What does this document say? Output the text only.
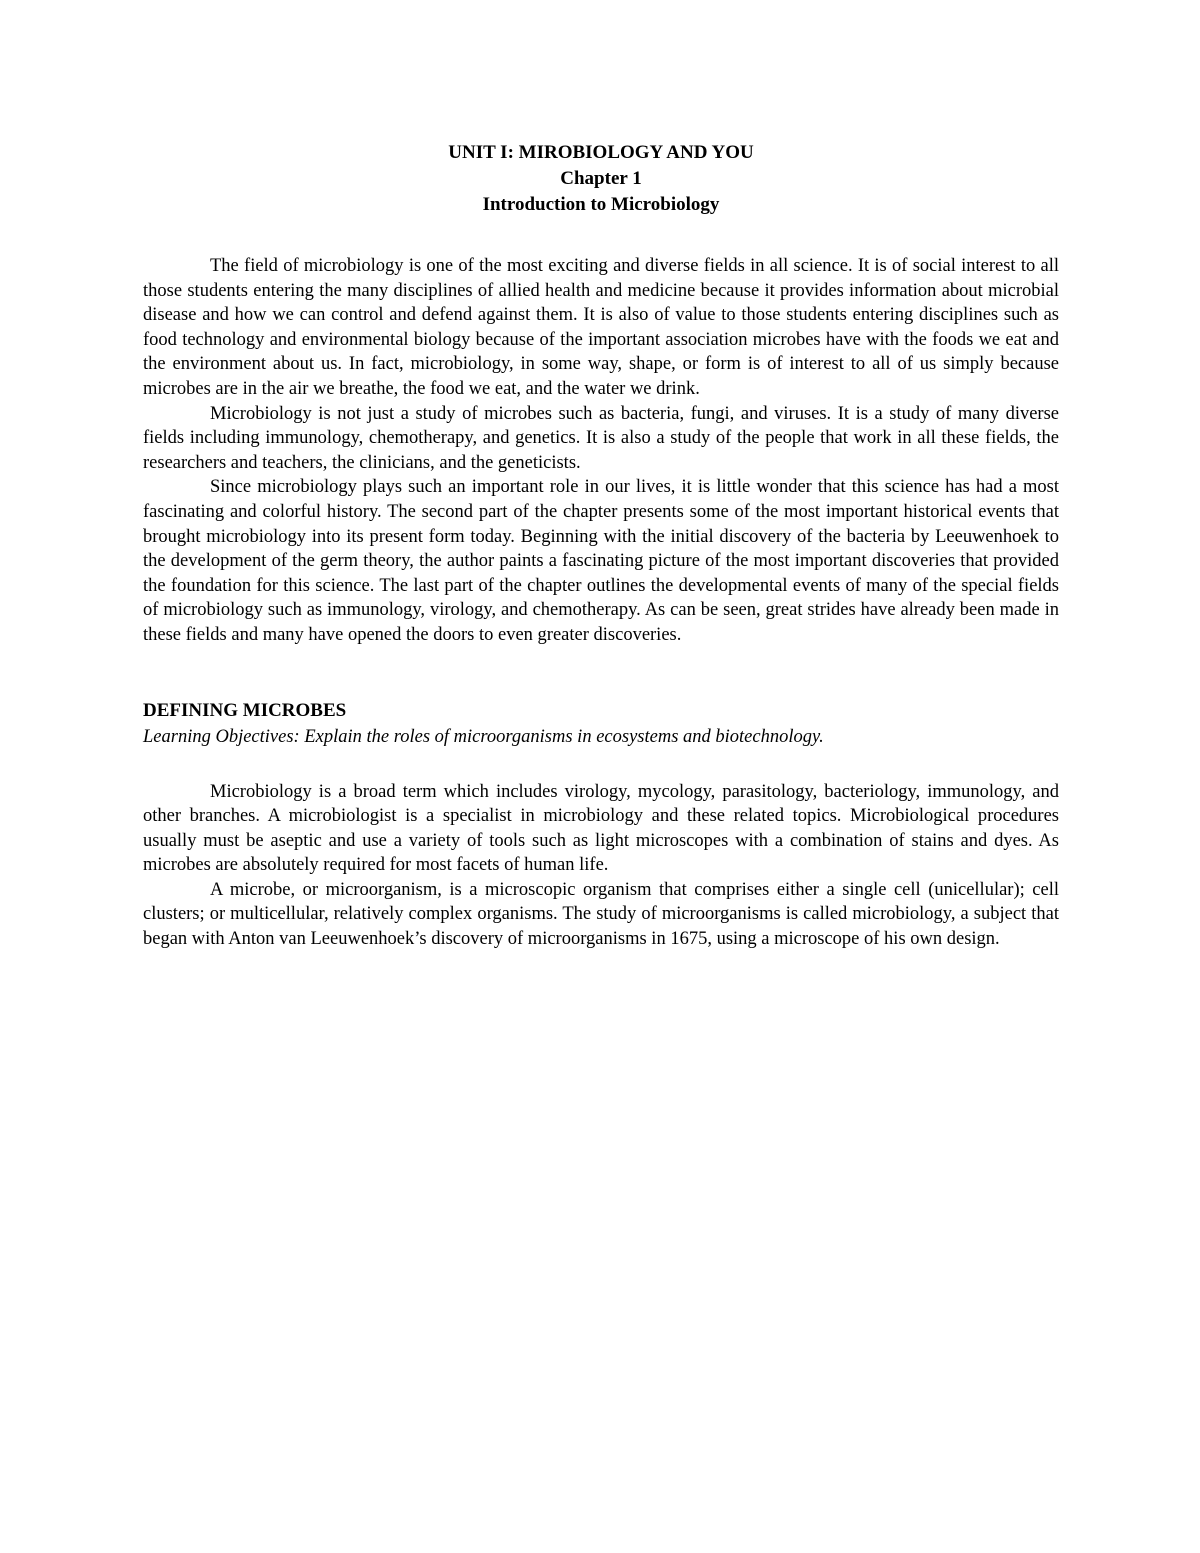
UNIT I: MIROBIOLOGY AND YOU
Chapter 1
Introduction to Microbiology

The field of microbiology is one of the most exciting and diverse fields in all science. It is of social interest to all those students entering the many disciplines of allied health and medicine because it provides information about microbial disease and how we can control and defend against them. It is also of value to those students entering disciplines such as food technology and environmental biology because of the important association microbes have with the foods we eat and the environment about us. In fact, microbiology, in some way, shape, or form is of interest to all of us simply because microbes are in the air we breathe, the food we eat, and the water we drink.

Microbiology is not just a study of microbes such as bacteria, fungi, and viruses. It is a study of many diverse fields including immunology, chemotherapy, and genetics. It is also a study of the people that work in all these fields, the researchers and teachers, the clinicians, and the geneticists.

Since microbiology plays such an important role in our lives, it is little wonder that this science has had a most fascinating and colorful history. The second part of the chapter presents some of the most important historical events that brought microbiology into its present form today. Beginning with the initial discovery of the bacteria by Leeuwenhoek to the development of the germ theory, the author paints a fascinating picture of the most important discoveries that provided the foundation for this science. The last part of the chapter outlines the developmental events of many of the special fields of microbiology such as immunology, virology, and chemotherapy. As can be seen, great strides have already been made in these fields and many have opened the doors to even greater discoveries.

DEFINING MICROBES

Learning Objectives: Explain the roles of microorganisms in ecosystems and biotechnology.

Microbiology is a broad term which includes virology, mycology, parasitology, bacteriology, immunology, and other branches. A microbiologist is a specialist in microbiology and these related topics. Microbiological procedures usually must be aseptic and use a variety of tools such as light microscopes with a combination of stains and dyes. As microbes are absolutely required for most facets of human life.

A microbe, or microorganism, is a microscopic organism that comprises either a single cell (unicellular); cell clusters; or multicellular, relatively complex organisms. The study of microorganisms is called microbiology, a subject that began with Anton van Leeuwenhoek’s discovery of microorganisms in 1675, using a microscope of his own design.
